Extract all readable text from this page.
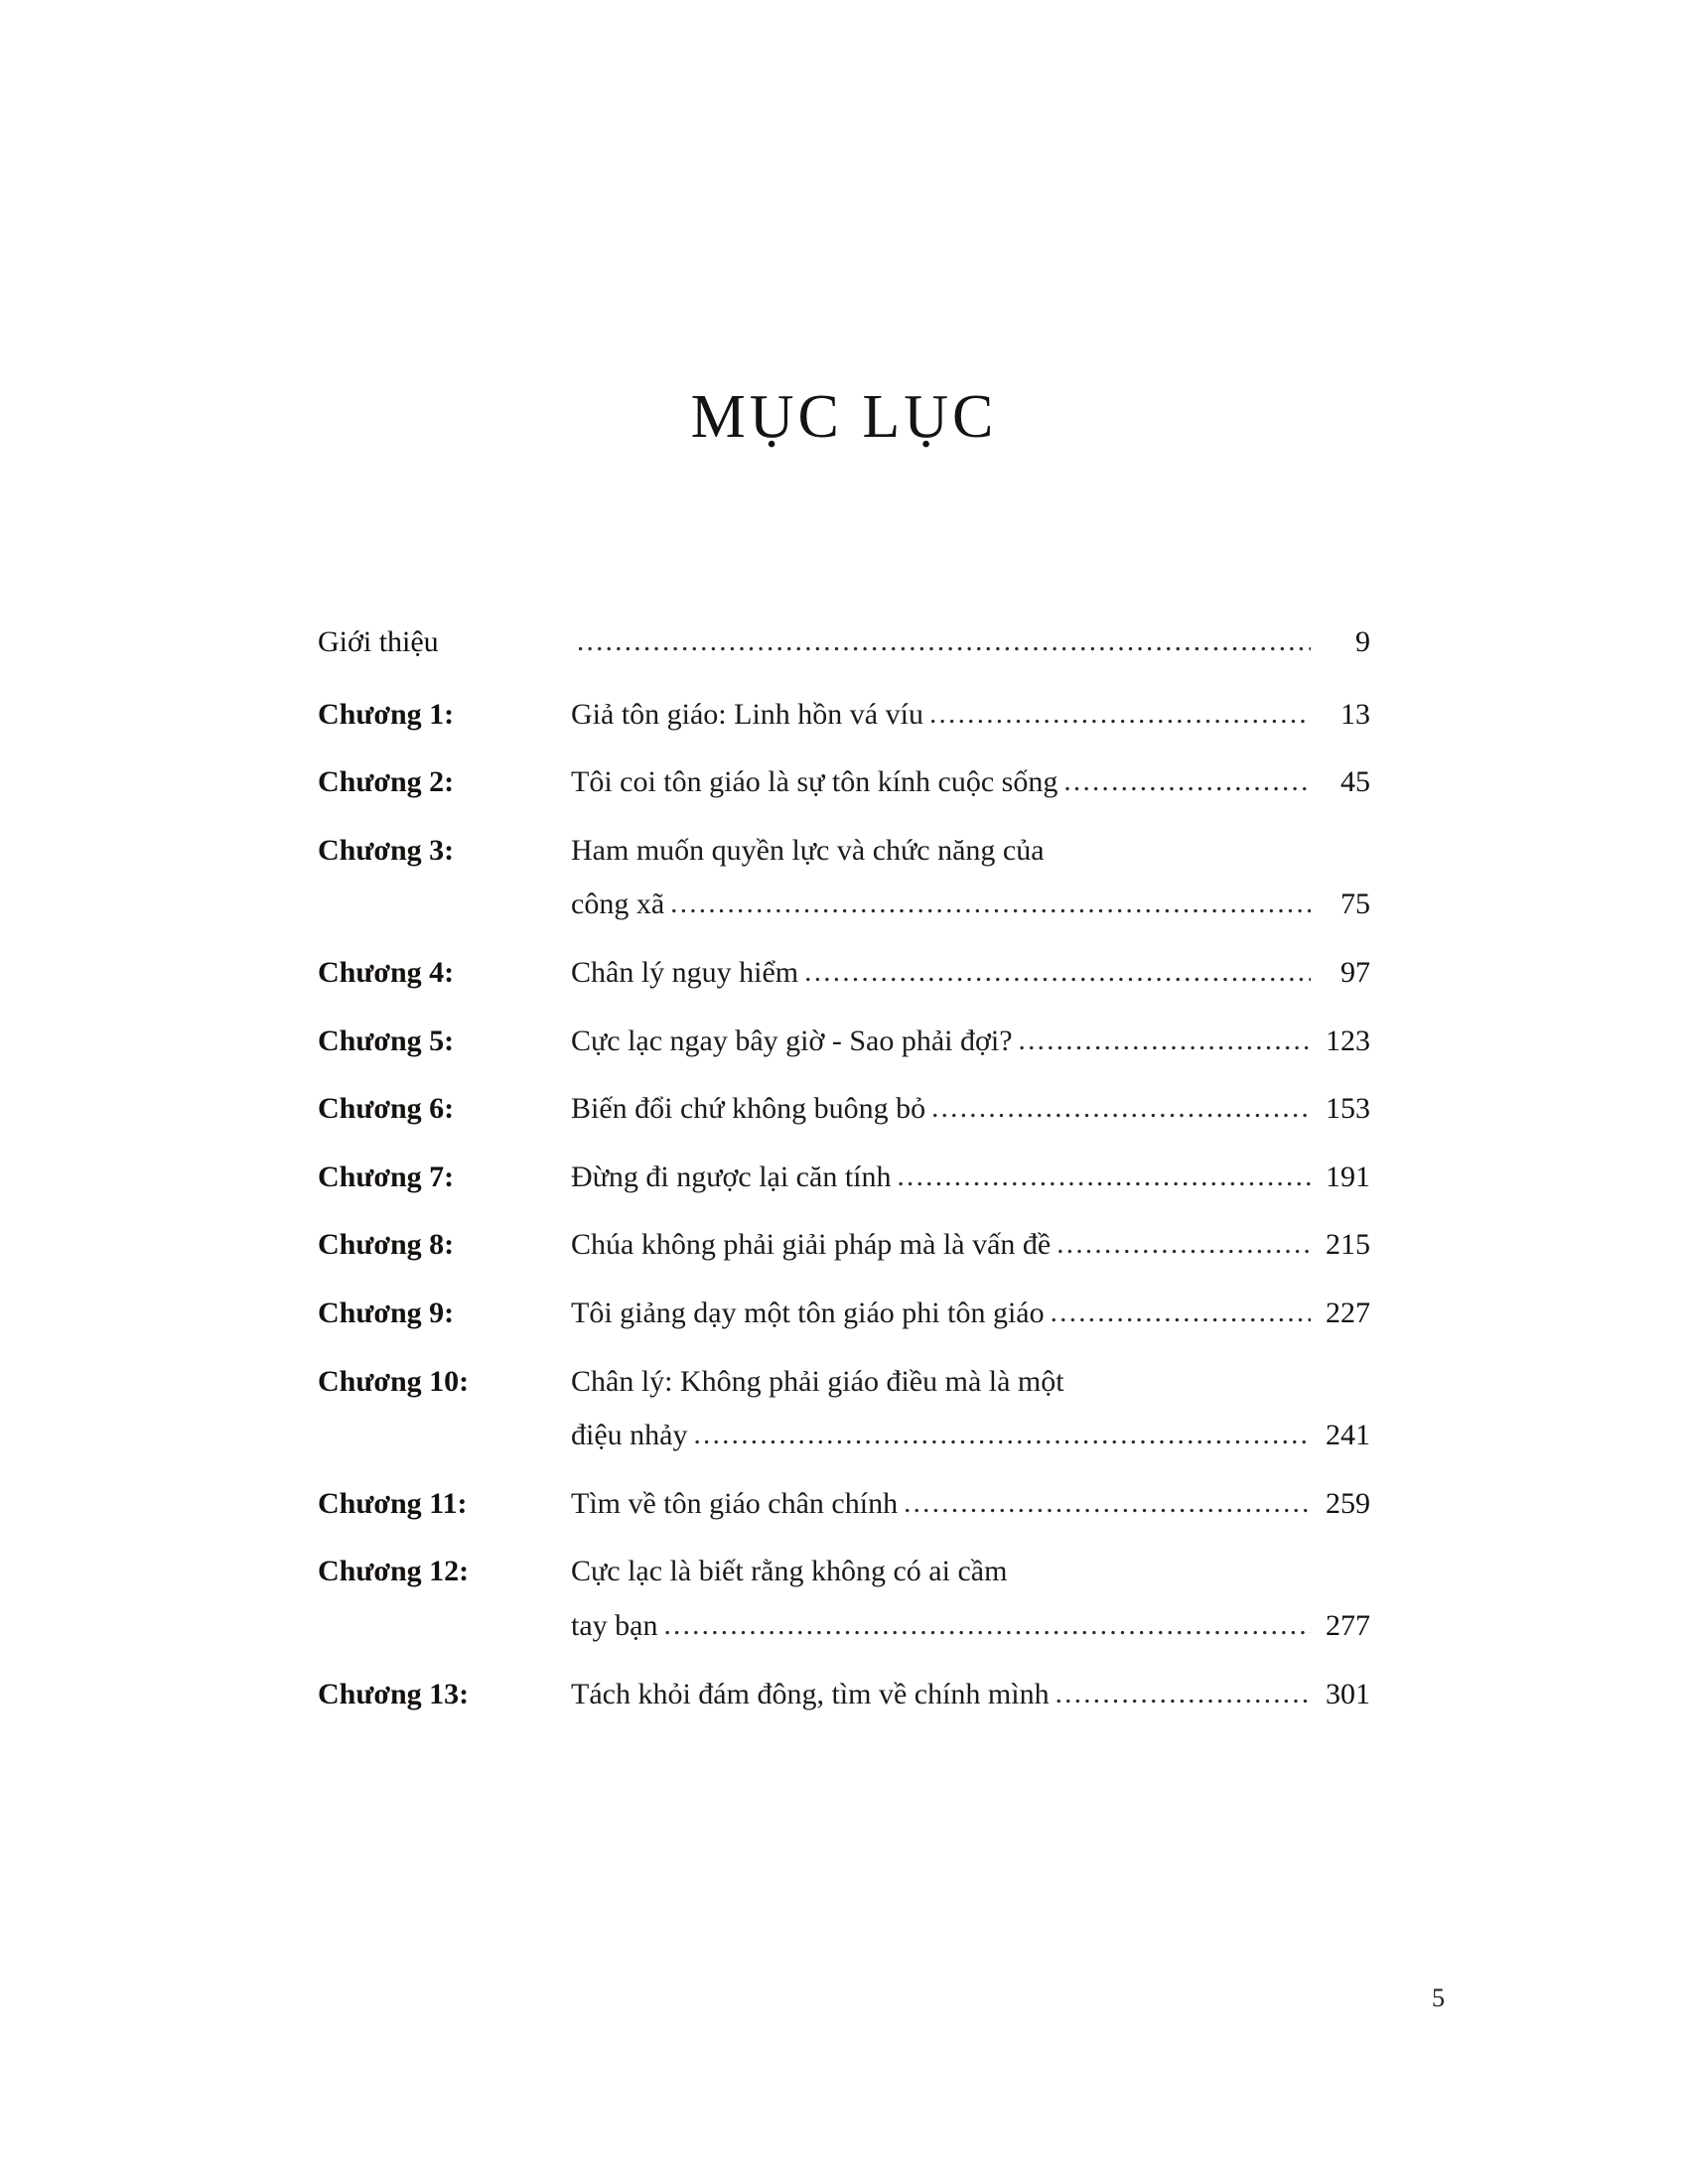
MỤC LỤC
Giới thiệu .....	9
Chương 1:	Giả tôn giáo: Linh hồn vá víu .....	13
Chương 2:	Tôi coi tôn giáo là sự tôn kính cuộc sống .....	45
Chương 3:	Ham muốn quyền lực và chức năng của
công xã .....	75
Chương 4:	Chân lý nguy hiểm .....	97
Chương 5:	Cực lạc ngay bây giờ - Sao phải đợi? .....	123
Chương 6:	Biến đổi chứ không buông bỏ .....	153
Chương 7:	Đừng đi ngược lại căn tính .....	191
Chương 8:	Chúa không phải giải pháp mà là vấn đề .....	215
Chương 9:	Tôi giảng dạy một tôn giáo phi tôn giáo .....	227
Chương 10:	Chân lý: Không phải giáo điều mà là một
điệu nhảy .....	241
Chương 11:	Tìm về tôn giáo chân chính .....	259
Chương 12:	Cực lạc là biết rằng không có ai cầm
tay bạn .....	277
Chương 13:	Tách khỏi đám đông, tìm về chính mình .....	301
5
